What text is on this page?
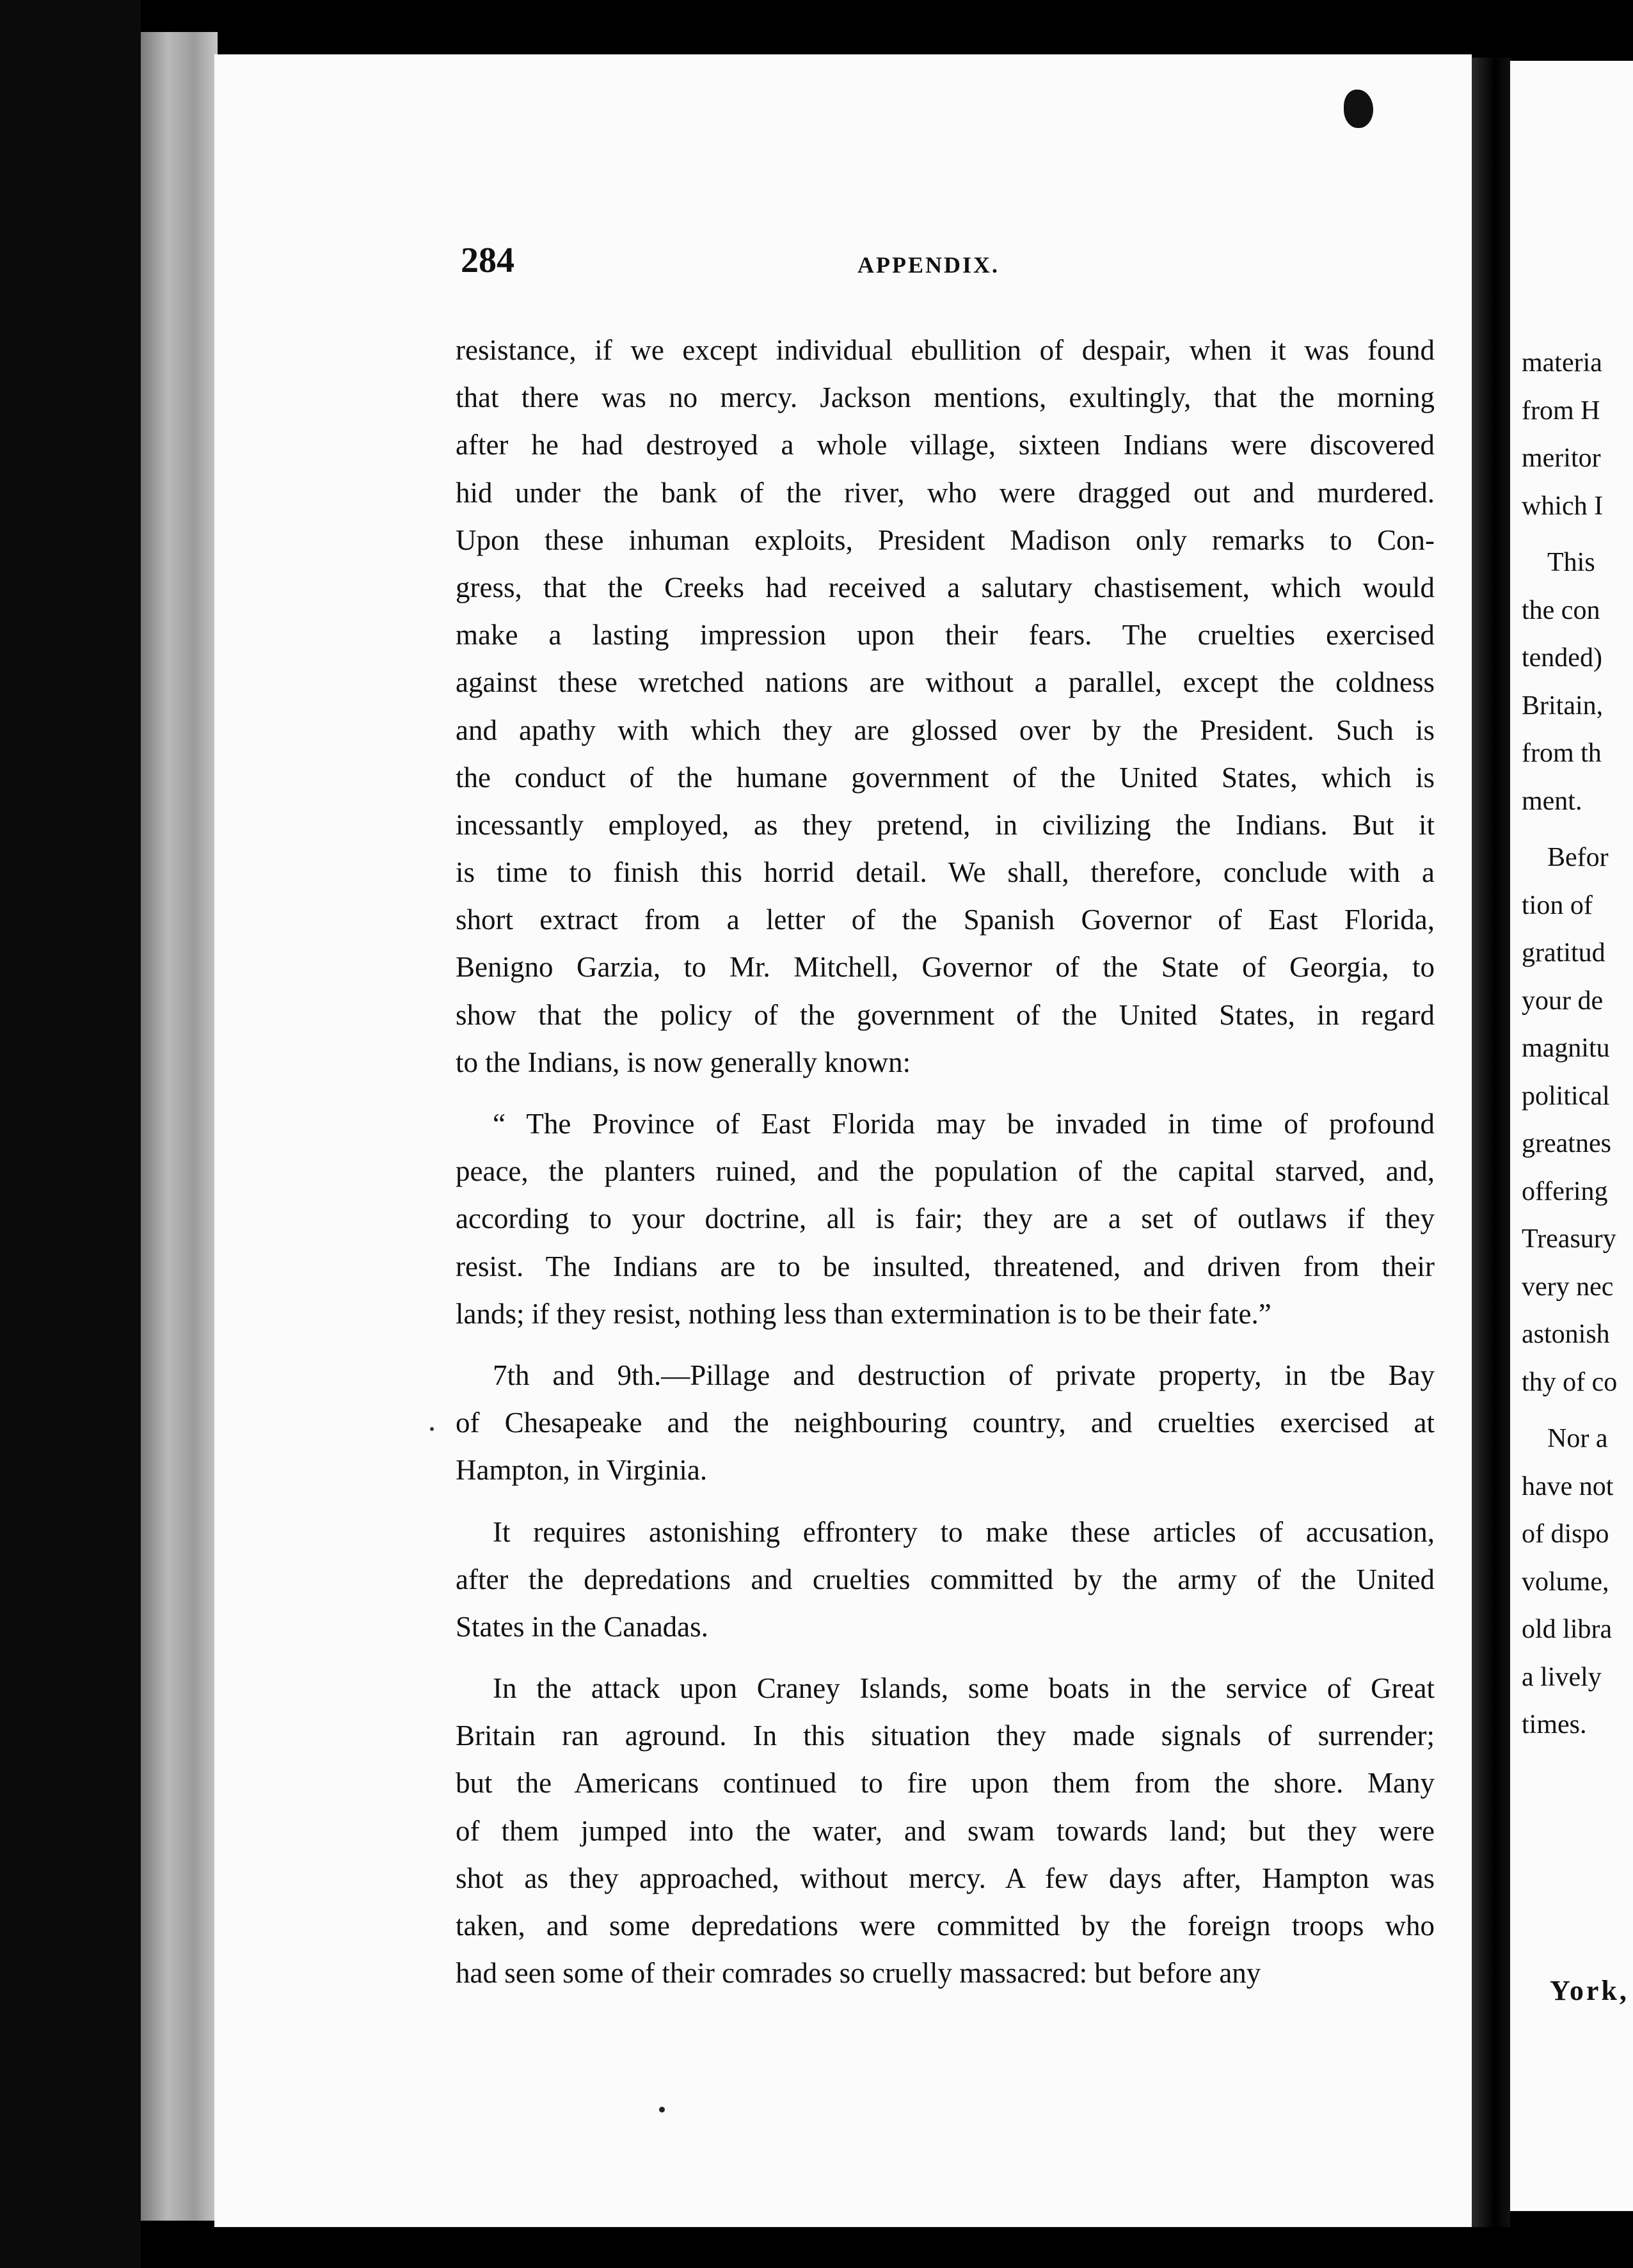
284	APPENDIX.
resistance, if we except individual ebullition of despair, when it was found
that there was no mercy. Jackson mentions, exultingly, that the morning
after he had destroyed a whole village, sixteen Indians were discovered
hid under the bank of the river, who were dragged out and murdered.
Upon these inhuman exploits, President Madison only remarks to Con-
gress, that the Creeks had received a salutary chastisement, which would
make a lasting impression upon their fears. The cruelties exercised
against these wretched nations are without a parallel, except the coldness
and apathy with which they are glossed over by the President. Such is
the conduct of the humane government of the United States, which is
incessantly employed, as they pretend, in civilizing the Indians. But it
is time to finish this horrid detail. We shall, therefore, conclude with a
short extract from a letter of the Spanish Governor of East Florida,
Benigno Garzia, to Mr. Mitchell, Governor of the State of Georgia, to
show that the policy of the government of the United States, in regard
to the Indians, is now generally known:
“ The Province of East Florida may be invaded in time of profound
peace, the planters ruined, and the population of the capital starved, and,
according to your doctrine, all is fair; they are a set of outlaws if they
resist. The Indians are to be insulted, threatened, and driven from their
lands; if they resist, nothing less than extermination is to be their fate.”
7th and 9th.—Pillage and destruction of private property, in tbe Bay
of Chesapeake and the neighbouring country, and cruelties exercised at
Hampton, in Virginia.
It requires astonishing effrontery to make these articles of accusation,
after the depredations and cruelties committed by the army of the United
States in the Canadas.
In the attack upon Craney Islands, some boats in the service of Great
Britain ran aground. In this situation they made signals of surrender;
but the Americans continued to fire upon them from the shore. Many
of them jumped into the water, and swam towards land; but they were
shot as they approached, without mercy. A few days after, Hampton was
taken, and some depredations were committed by the foreign troops who
had seen some of their comrades so cruelly massacred: but before any
materia
from H
meritor
which I
This
the con
tended)
Britain,
from th
ment.
Befor
tion of
gratitud
your de
magnitu
political
greatnes
offering
Treasury
very nec
astonish
thy of co
Nor a
have not
of dispo
volume,
old libra
a lively
times.
York,
